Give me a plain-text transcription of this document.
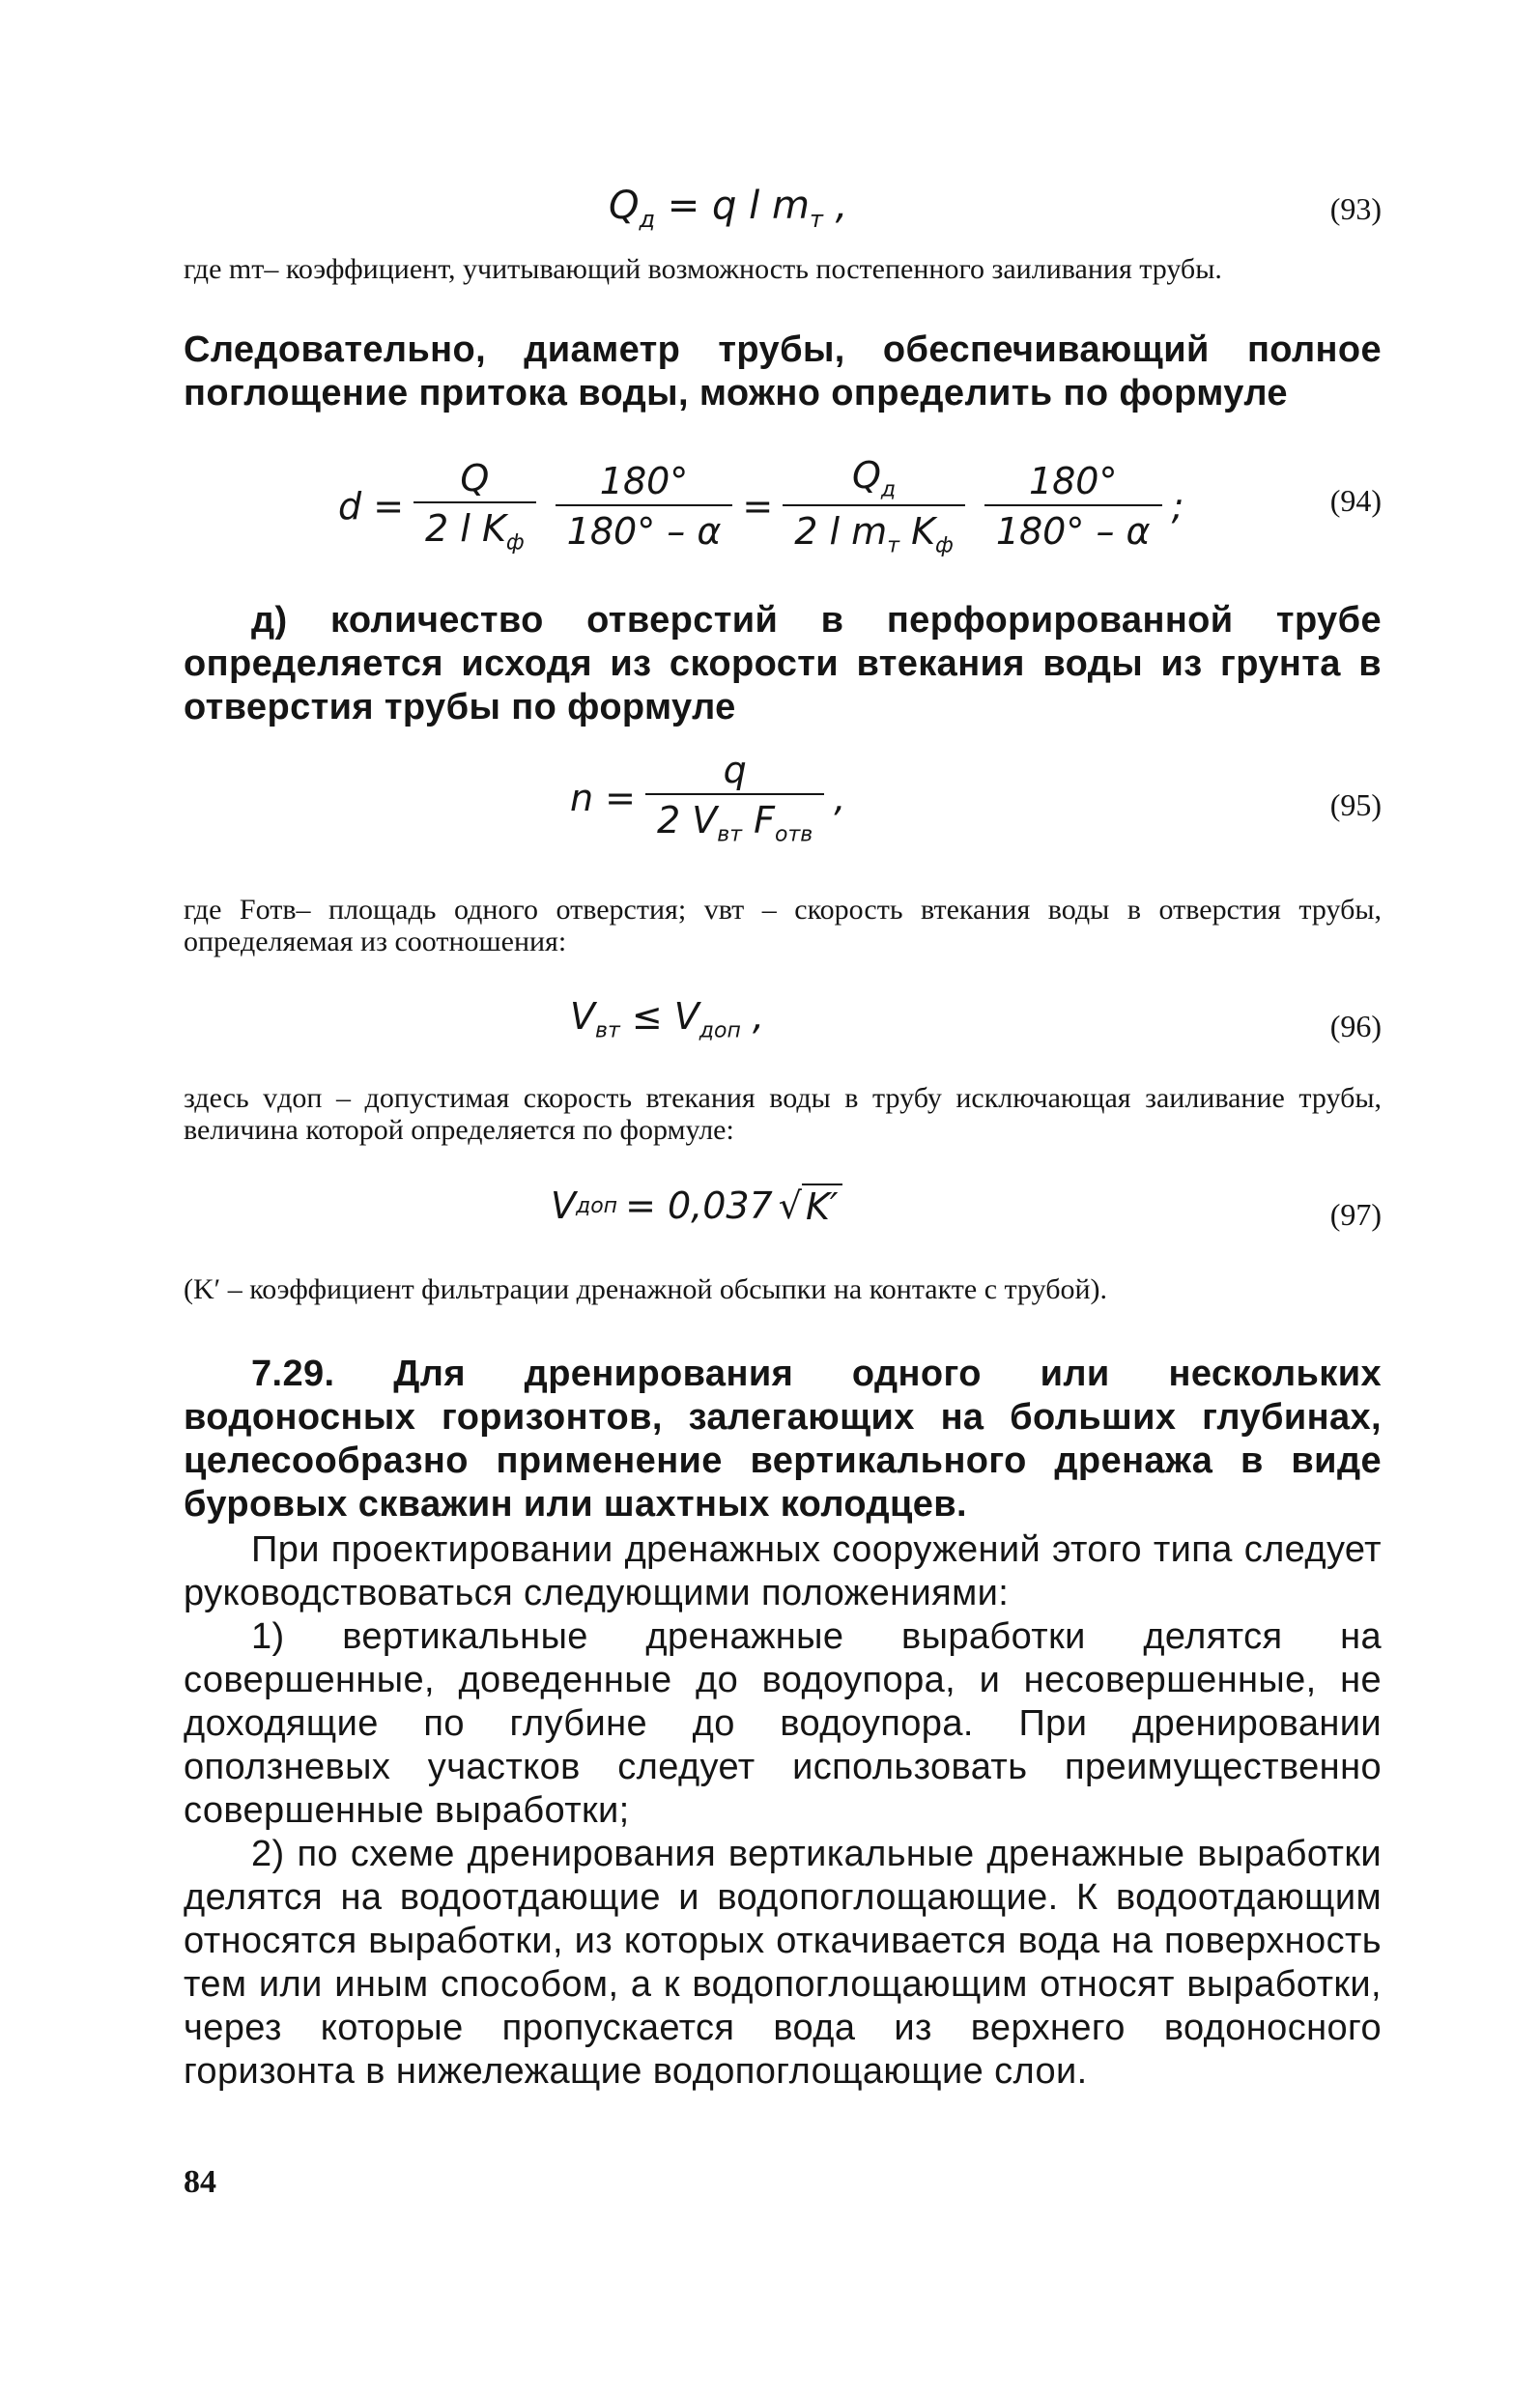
$Q_д = q$ l $m_т$ ,	(93)
где mт– коэффициент, учитывающий возможность постепенного заиливания трубы.
Следовательно, диаметр трубы, обеспечивающий полное поглощение притока воды, можно определить по формуле
$d = \frac{Q}{2 l K_ф} \frac{180^\circ}{180^\circ - \alpha} = \frac{Q_д}{2 l m_т K_ф} \frac{180^\circ}{180^\circ - \alpha}$ ;	(94)
д) количество отверстий в перфорированной трубе определяется исходя из скорости втекания воды из грунта в отверстия трубы по формуле
$n = \frac{q}{2 V_{вт} F_{отв}}$ ,	(95)
где Fотв– площадь одного отверстия; vвт – скорость втекания воды в отверстия трубы, определяемая из соотношения:
$V_{вт} \le V_{доп}$ ,	(96)
здесь vдоп – допустимая скорость втекания воды в трубу исключающая заиливание трубы, величина которой определяется по формуле:
V доп = 0,037 √ K′	(97)
(K′ – коэффициент фильтрации дренажной обсыпки на контакте с трубой).
7.29. Для дренирования одного или нескольких водоносных горизонтов, залегающих на больших глубинах, целесообразно применение вертикального дренажа в виде буровых скважин или шахтных колодцев.
При проектировании дренажных сооружений этого типа следует руководствоваться следующими положениями:
1) вертикальные дренажные выработки делятся на совершенные, доведенные до водоупора, и несовершенные, не доходящие по глубине до водоупора. При дренировании оползневых участков следует использовать преимущественно совершенные выработки;
2) по схеме дренирования вертикальные дренажные выработки делятся на водоотдающие и водопоглощающие. К водоотдающим относятся выработки, из которых откачивается вода на поверхность тем или иным способом, а к водопоглощающим относят выработки, через которые пропускается вода из верхнего водоносного горизонта в нижележащие водопоглощающие слои.
84
